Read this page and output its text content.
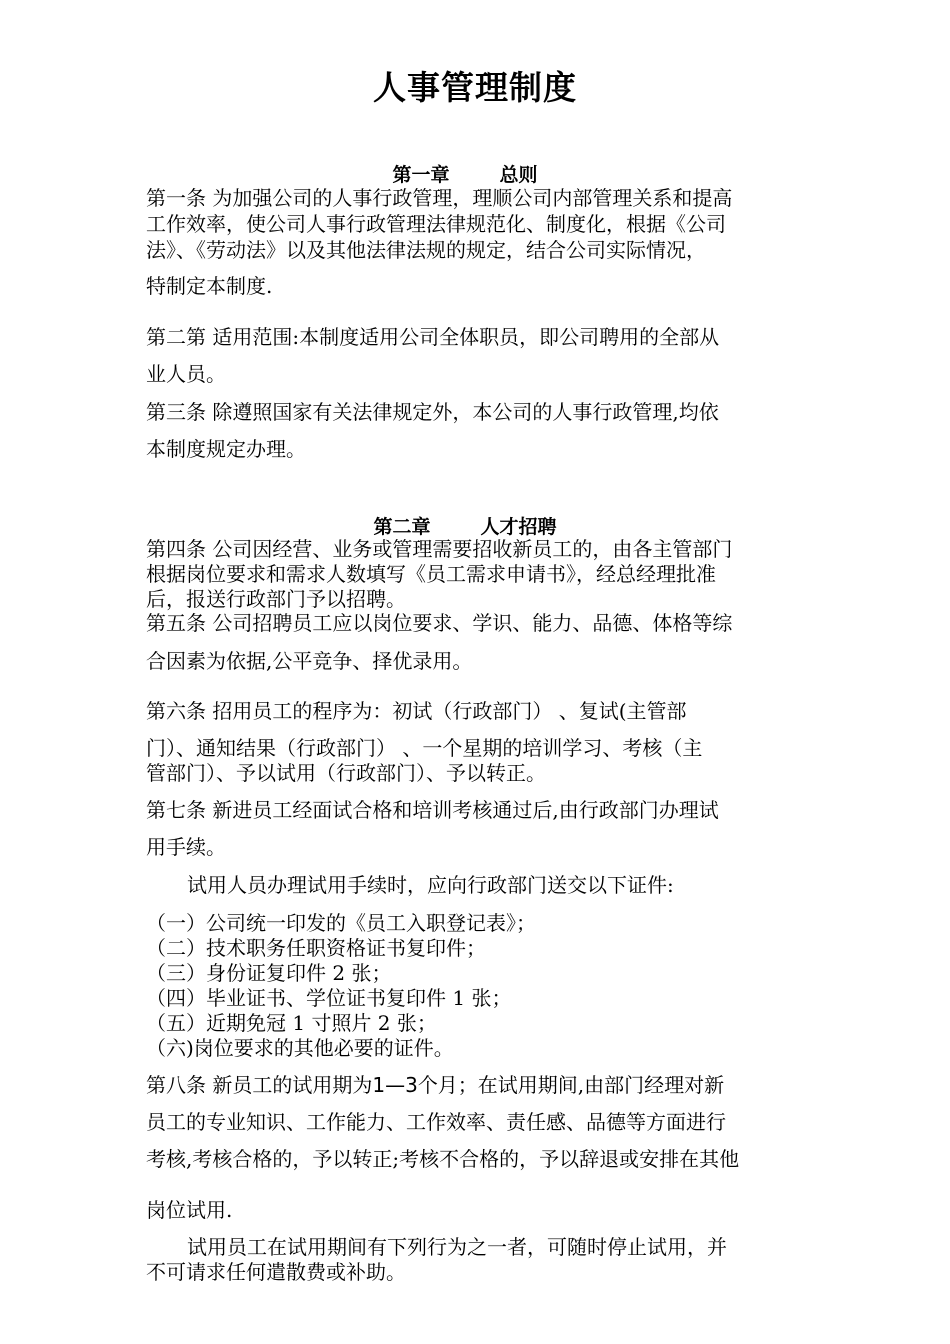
人事管理制度
第一章	总则
第一条 为加强公司的人事行政管理，理顺公司内部管理关系和提高
工作效率，使公司人事行政管理法律规范化、制度化，根据《公司
法》、《劳动法》以及其他法律法规的规定，结合公司实际情况，
特制定本制度.
第二第 适用范围:本制度适用公司全体职员，即公司聘用的全部从
业人员。
第三条 除遵照国家有关法律规定外，本公司的人事行政管理,均依
本制度规定办理。
第二章	人才招聘
第四条 公司因经营、业务或管理需要招收新员工的，由各主管部门
根据岗位要求和需求人数填写《员工需求申请书》，经总经理批准
后，报送行政部门予以招聘。
第五条 公司招聘员工应以岗位要求、学识、能力、品德、体格等综
合因素为依据,公平竞争、择优录用。
第六条 招用员工的程序为：初试（行政部门） 、复试(主管部
门）、通知结果（行政部门） 、一个星期的培训学习、考核（主
管部门）、予以试用（行政部门）、予以转正。
第七条 新进员工经面试合格和培训考核通过后,由行政部门办理试
用手续。
试用人员办理试用手续时，应向行政部门送交以下证件:
（一）公司统一印发的《员工入职登记表》；
（二）技术职务任职资格证书复印件；
（三）身份证复印件 2 张；
（四）毕业证书、学位证书复印件 1 张；
（五）近期免冠 1 寸照片 2 张；
（六)岗位要求的其他必要的证件。
第八条 新员工的试用期为1—3个月；在试用期间,由部门经理对新
员工的专业知识、工作能力、工作效率、责任感、品德等方面进行
考核,考核合格的，予以转正;考核不合格的，予以辞退或安排在其他
岗位试用.
试用员工在试用期间有下列行为之一者，可随时停止试用，并
不可请求任何遣散费或补助。
